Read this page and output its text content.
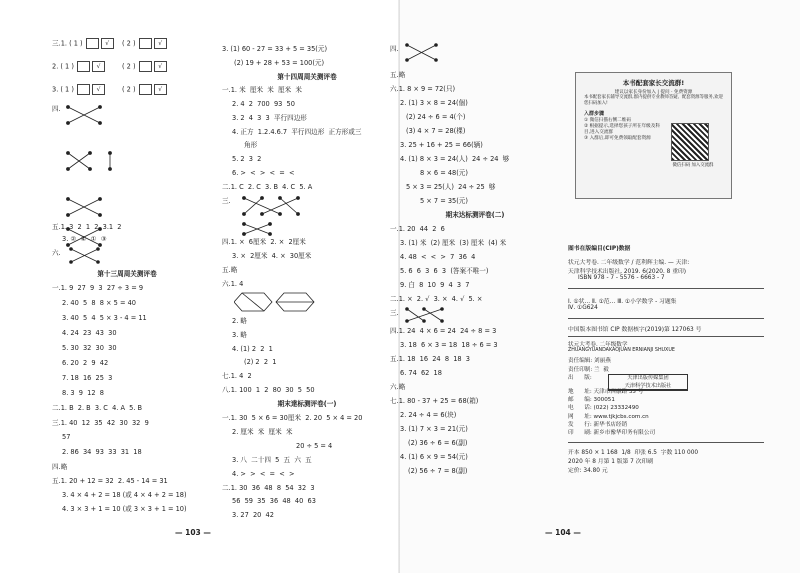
三.1. ( 1 )	√	( 2 )	√
2. ( 1 )	√	( 2 )	√
3. ( 1 )	√	( 2 )	√
四.
五.1. 3  2  1  2  3.1  2
3. ②  ④  ①  ③
六.
第十三周周关测评卷
一.1. 9  27  9  3  27 ÷ 3 = 9
2. 40  5  8  8 × 5 = 40
3. 40  5  4  5 × 3 - 4 = 11
4. 24  23  43  30
5. 30  32  30  30
6. 20  2  9  42
7. 18  16  25  3
8. 3  9  12  8
二.1. B  2. B  3. C  4. A  5. B
三.1. 40  12  35  42  30  32  9
57
2. 86  34  93  33  31  18
四.略
五.1. 20 + 12 = 32  2. 45 - 14 = 31
3. 4 × 4 + 2 = 18 (或 4 × 4 + 2 = 18)
4. 3 × 3 + 1 = 10 (或 3 × 3 + 1 = 10)
3. (1) 60 - 27 = 33 + 5 = 35(元)
(2) 19 + 28 + 53 = 100(元)
第十四周周关测评卷
一.1. 米  厘米  米  厘米  米
2. 4  2  700  93  50
3. 2  4  3  3  平行四边形
4. 正方  1.2.4.6.7  平行四边形  正方形或三
角形
5. 2  3  2
6. >  <  >  <  =  <
二.1. C  2. C  3. B  4. C  5. A
三.
四.1. ×  6厘米  2. ×  2厘米
3. ×  2厘米  4. ×  30厘米
五.略
六.1. 4
2. 略
3. 略
4. (1) 2  2  1
(2) 2  2  1
七.1. 4  2
八.1. 100  1  2  80  30  5  50
期末達标测评卷(一)
一.1. 30  5 × 6 = 30厘米  2. 20  5 × 4 = 20
2. 厘米  米  厘米  米
20 ÷ 5 = 4
3. 八  二十四  5  五  六  五
4. >  >  <  =  <  >
二.1. 30  36  48  8  54  32  3
56  59  35  36  48  40  63
3. 27  20  42
— 103 —
四.
五.略
六.1. 8 × 9 = 72(只)
2. (1) 3 × 8 = 24(個)
(2) 24 ÷ 6 = 4(个)
(3) 4 × 7 = 28(棵)
3. 25 + 16 + 25 = 66(辆)
4. (1) 8 × 3 = 24(人)  24 ÷ 24  够
8 × 6 = 48(元)
5 × 3 = 25(人)  24 ÷ 25  够
5 × 7 = 35(元)
期末达标测评卷(二)
一.1. 20  44  2  6
3. (1) 米  (2) 厘米  (3) 厘米  (4) 米
4. 48  <  <  >  7  36  4
5. 6  6  3  6  3  (答案不唯一)
9. 白  8  10  9  4  3  7
二.1. ×  2. √  3. ×  4. √  5. ×
三.
四.1. 24  4 × 6 = 24  24 ÷ 8 = 3
3. 18  6 × 3 = 18  18 ÷ 6 = 3
五.1. 18  16  24  8  18  3
6. 74  62  18
六.略
七.1. 80 - 37 + 25 = 68(箱)
2. 24 ÷ 4 = 6(块)
3. (1) 7 × 3 = 21(元)
(2) 36 ÷ 6 = 6(副)
4. (1) 6 × 9 = 54(元)
(2) 56 ÷ 7 = 8(副)
— 104 —
本书配套家长交流群!
建议以家长身份加入 | 提问 · 免费资源
本书配套家长辅导交流群,群内提供专业教师答疑、配套资源等服务,欢迎您扫码加入!
入群步骤
① 微信扫描右侧二维码
② 根据提示,选择您孩子所在年级及科目,进入交流群
③ 入群后,即可免费领取配套资源
微信扫码 加入交流群
图书在版编目(CIP)数据
状元大考卷. 二年级数学 / 范利辉主编. — 天津:
天津科学技术出版社, 2019. 6(2020. 8 重印)
ISBN 978 - 7 - 5576 - 6663 - 7
Ⅰ. ①状… Ⅱ. ①范… Ⅲ. ①小学数学 - 习题集
Ⅳ. ①G624
中国版本图书馆 CIP 数据核字(2019)第 127063 号
状元大考卷. 二年级数学
ZHUANGYUANDAKAOJUAN ERNIANJI SHUXUE
责任编辑: 刘丽燕
责任印制: 兰  毅
出      版:
地      址: 天津市西康路 35 号
邮      编: 300051
电      话: (022) 23332490
网      址: www.tjkjcbs.com.cn
发      行: 新华书店经销
印      刷: 新乡市豫华印务有限公司
天津出版传媒集团
天津科学技术出版社
开本 850 × 1 168  1/8  印张 6.5  字数 110 000
2020 年 8 月第 1 版第 7 次印刷
定价: 34.80 元
